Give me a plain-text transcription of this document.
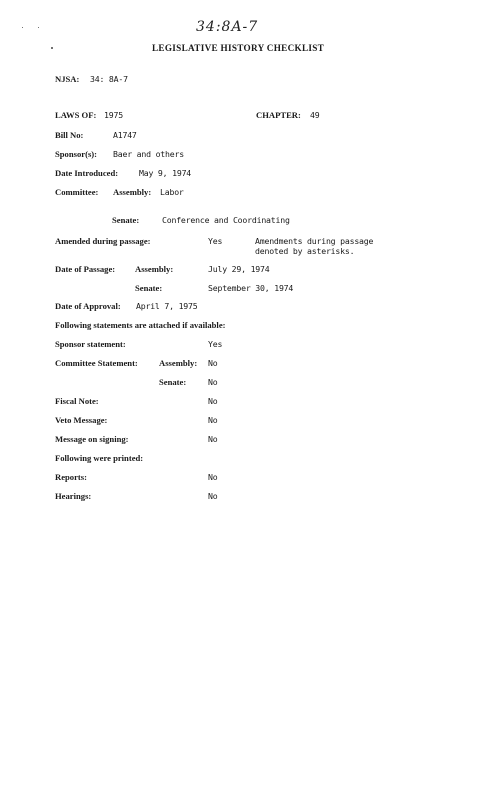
34:8A-7
LEGISLATIVE HISTORY CHECKLIST
NJSA: 34: 8A-7
LAWS OF: 1975	CHAPTER: 49
Bill No:	A1747
Sponsor(s): Baer and others
Date Introduced:	May 9, 1974
Committee: Assembly: Labor
Senate:	Conference and Coordinating
Amended during passage:	Yes	Amendments during passage
denoted by asterisks.
Date of Passage: Assembly:	July 29, 1974
Senate:	September 30, 1974
Date of Approval: April 7, 1975
Following statements are attached if available:
Sponsor statement:	Yes
Committee Statement: Assembly: No
Senate:	No
Fiscal Note:	No
Veto Message:	No
Message on signing:	No
Following were printed:
Reports:	No
Hearings:	No
